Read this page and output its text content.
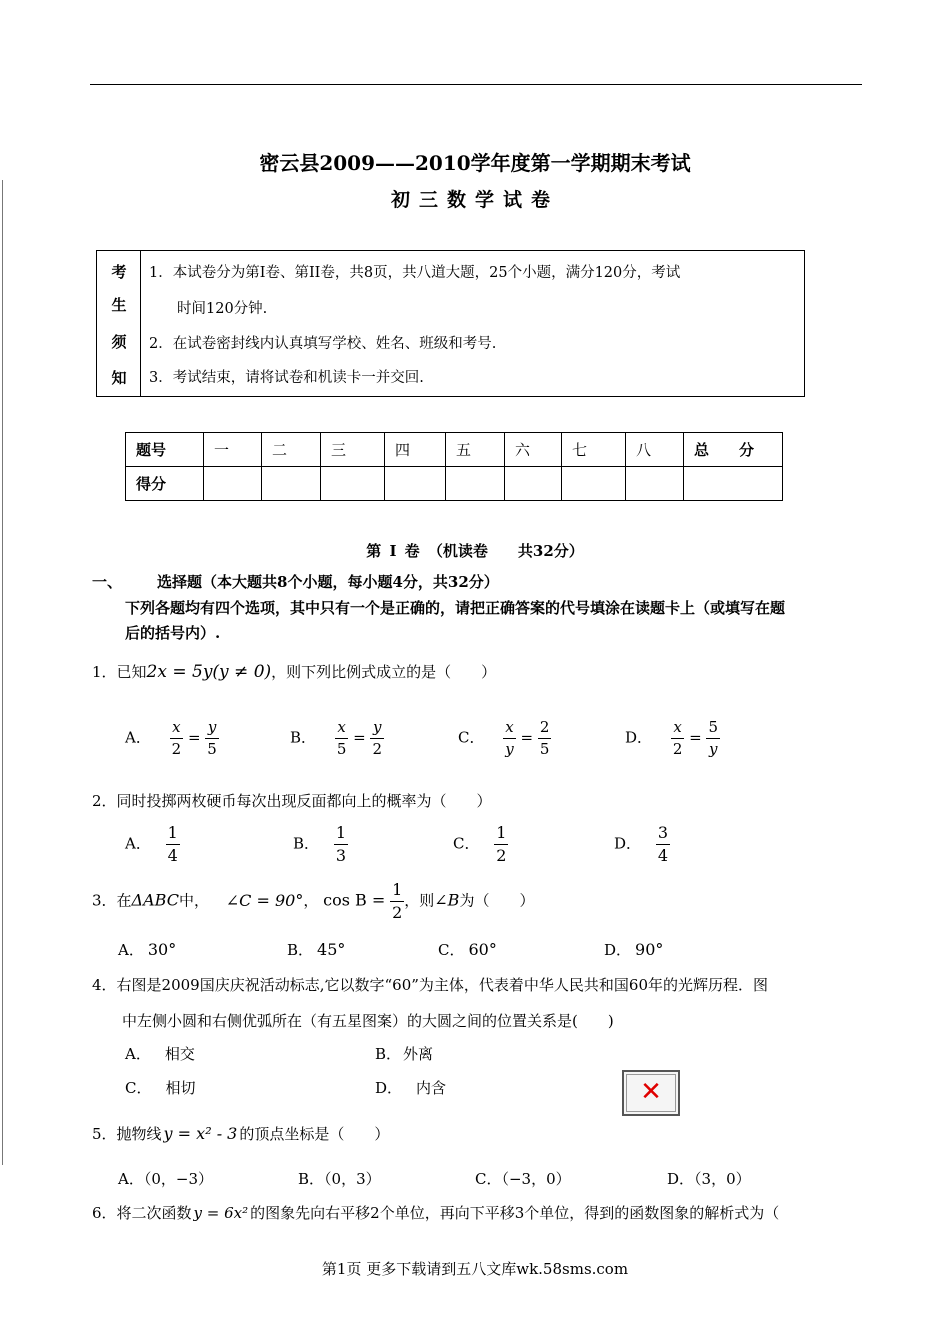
密云县2009——2010学年度第一学期期末考试
初三数学试卷
考
生
须
知
1．本试卷分为第Ⅰ卷、第II卷，共8页，共八道大题，25个小题，满分120分，考试
时间120分钟.
2．在试卷密封线内认真填写学校、姓名、班级和考号.
3．考试结束，请将试卷和机读卡一并交回.
题号	一	二	三	四	五	六	七	八	总　　分
得分									
第 Ⅰ 卷 （机读卷　　共32分）
一、 选择题（本大题共8个小题，每小题4分，共32分）
下列各题均有四个选项，其中只有一个是正确的，请把正确答案的代号填涂在读题卡上（或填写在题
后的括号内）.
1．已知2x = 5y(y ≠ 0)，则下列比例式成立的是（　　）
A． $\frac{x}{2} = \frac{y}{5}$	B． $\frac{x}{5} = \frac{y}{2}$	C． $\frac{x}{y} = \frac{2}{5}$	D． $\frac{x}{2} = \frac{5}{y}$
2．同时投掷两枚硬币每次出现反面都向上的概率为（　　）
A． $\frac{1}{4}$	B． $\frac{1}{3}$	C． $\frac{1}{2}$	D． $\frac{3}{4}$
3．在ΔABC中， ∠C = 90°， $\cos B = \frac{1}{2}$ ，则∠B为（　　）
A． 30°	B． 45°	C． 60°	D． 90°
4．右图是2009国庆庆祝活动标志,它以数字“60”为主体，代表着中华人民共和国60年的光辉历程．图
中左侧小圆和右侧优弧所在（有五星图案）的大圆之间的位置关系是(　　)
A． 相交	B． 外离
C． 相切	D． 内含	✕
5．抛物线 y = x² - 3 的顶点坐标是（　　）
A．（0，−3）	B．（0，3）	C．（−3，0）	D．（3，0）
6．将二次函数 y = 6x² 的图象先向右平移2个单位，再向下平移3个单位，得到的函数图象的解析式为（
第1页 更多下载请到五八文库wk.58sms.com
